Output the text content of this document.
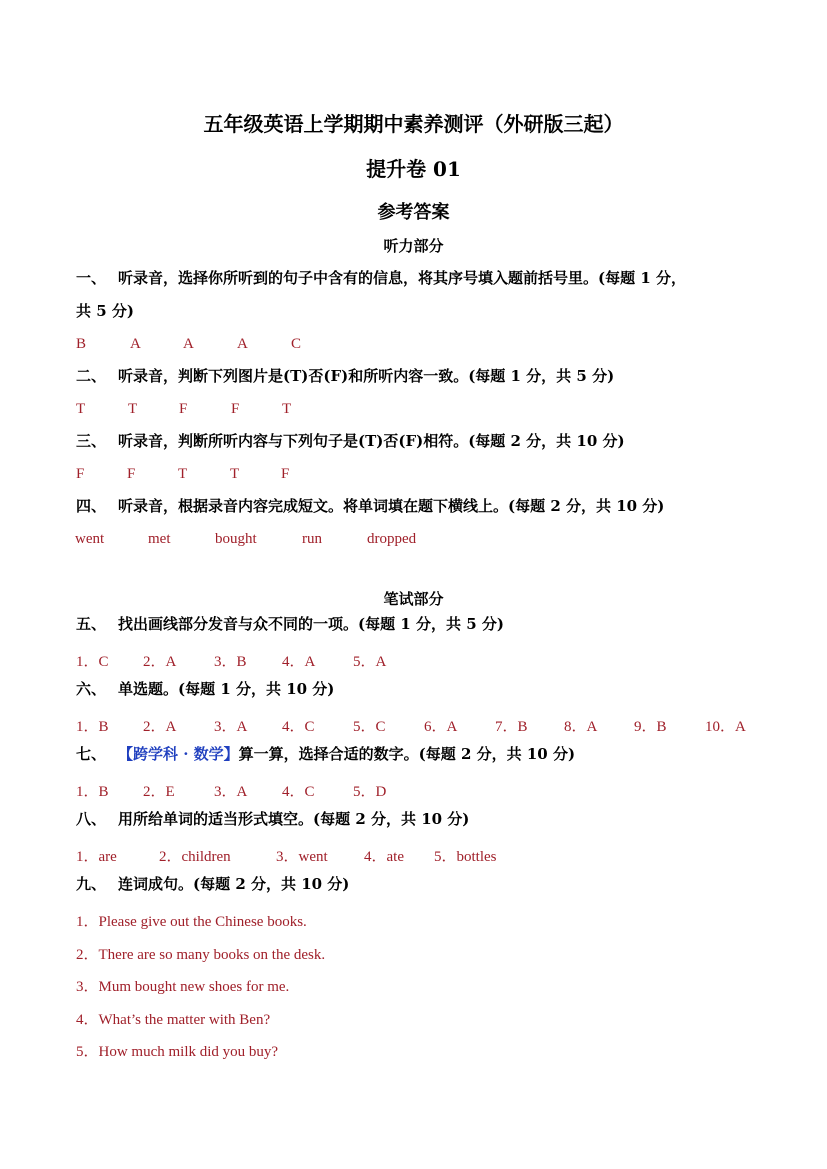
五年级英语上学期期中素养测评（外研版三起）
提升卷 01
参考答案
听力部分
一、 听录音，选择你所听到的句子中含有的信息，将其序号填入题前括号里。(每题 1 分，
共 5 分)
B	A	A	A	C
二、 听录音，判断下列图片是(T)否(F)和所听内容一致。(每题 1 分，共 5 分)
T	T	F	F	T
三、 听录音，判断所听内容与下列句子是(T)否(F)相符。(每题 2 分，共 10 分)
F	F	T	T	F
四、 听录音，根据录音内容完成短文。将单词填在题下横线上。(每题 2 分，共 10 分)
went	met	bought	run	dropped
笔试部分
五、 找出画线部分发音与众不同的一项。(每题 1 分，共 5 分)
1．C 2．A	3．B 4．A	5．A
六、 单选题。(每题 1 分，共 10 分)
1．B 2．A	3．A 4．C	5．C	6．A	7．B 8．A 9．B	10．A
七、 【跨学科 · 数学】算一算，选择合适的数字。(每题 2 分，共 10 分)
1．B 2．E	3．A 4．C	5．D
八、 用所给单词的适当形式填空。(每题 2 分，共 10 分)
1．are	2．children	3．went 4．ate 5．bottles
九、 连词成句。(每题 2 分，共 10 分)
1．Please give out the Chinese books.
2．There are so many books on the desk.
3．Mum bought new shoes for me.
4．What’s the matter with Ben?
5．How much milk did you buy?
